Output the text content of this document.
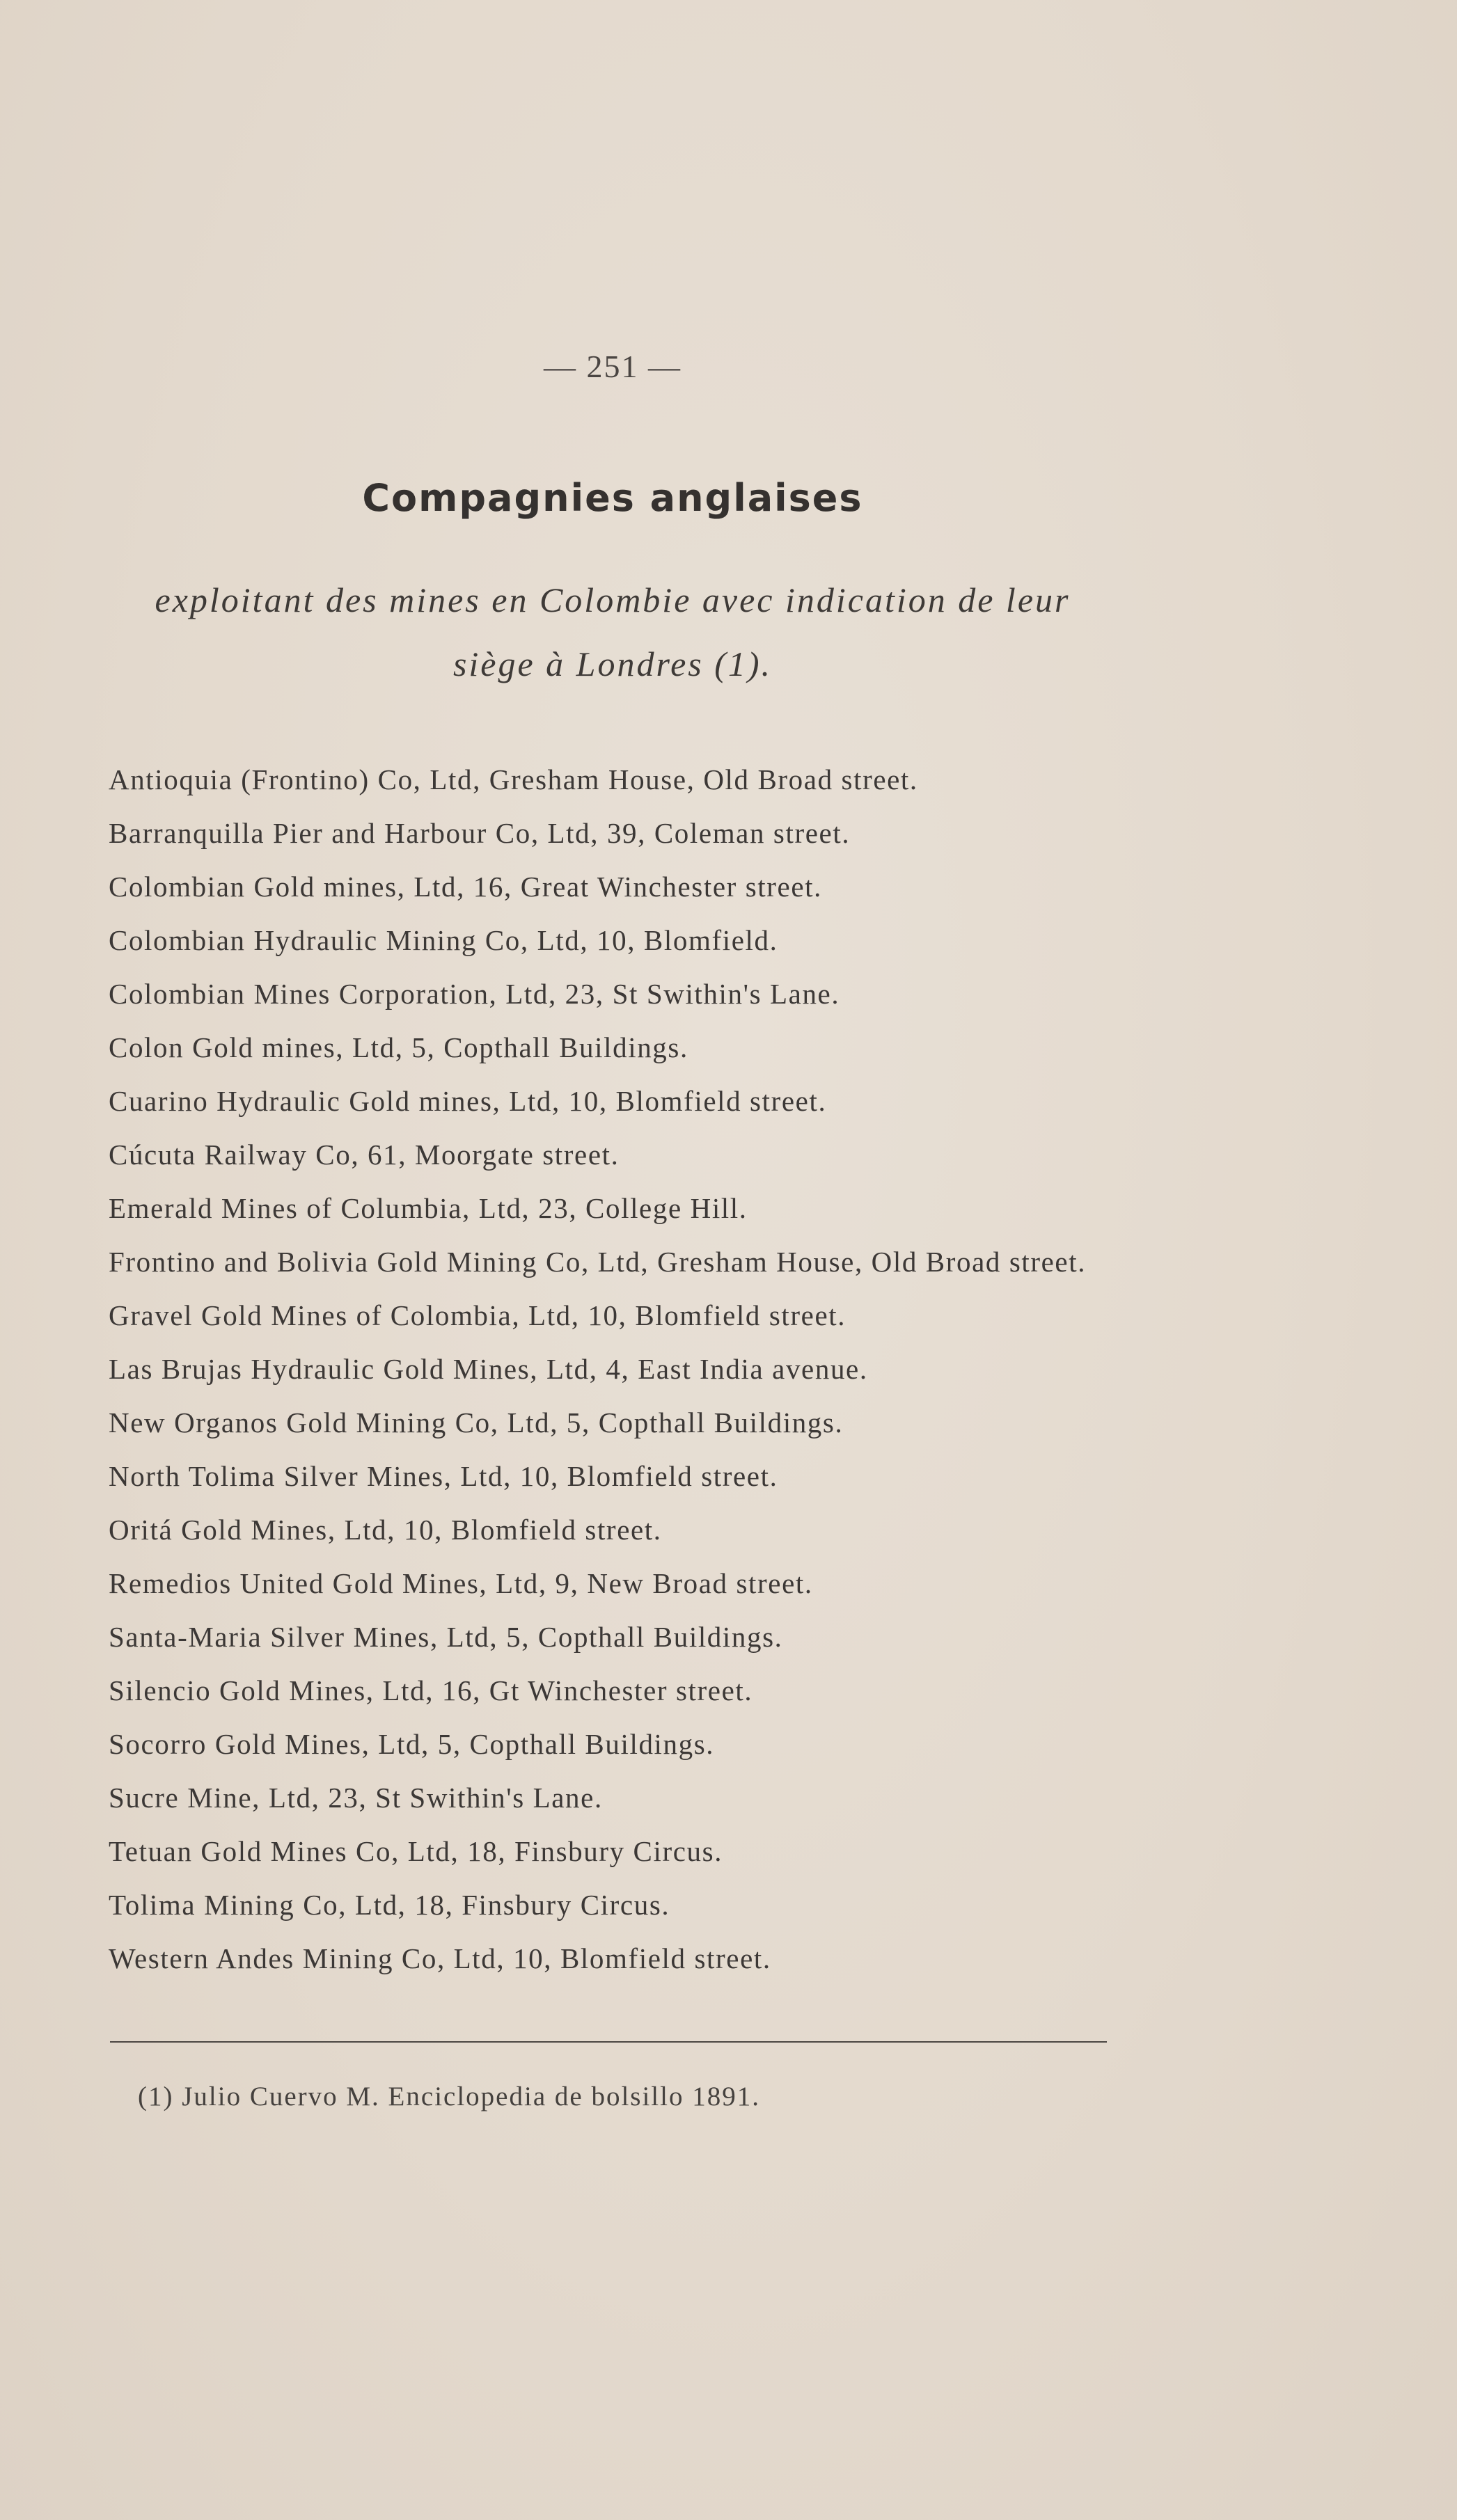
— 251 —
Compagnies anglaises
exploitant des mines en Colombie avec indication de leur
siège à Londres (1).
Antioquia (Frontino) Co, Ltd, Gresham House, Old Broad street.
Barranquilla Pier and Harbour Co, Ltd, 39, Coleman street.
Colombian Gold mines, Ltd, 16, Great Winchester street.
Colombian Hydraulic Mining Co, Ltd, 10, Blomfield.
Colombian Mines Corporation, Ltd, 23, St Swithin's Lane.
Colon Gold mines, Ltd, 5, Copthall Buildings.
Cuarino Hydraulic Gold mines, Ltd, 10, Blomfield street.
Cúcuta Railway Co, 61, Moorgate street.
Emerald Mines of Columbia, Ltd, 23, College Hill.
Frontino and Bolivia Gold Mining Co, Ltd, Gresham House, Old Broad street.
Gravel Gold Mines of Colombia, Ltd, 10, Blomfield street.
Las Brujas Hydraulic Gold Mines, Ltd, 4, East India avenue.
New Organos Gold Mining Co, Ltd, 5, Copthall Buildings.
North Tolima Silver Mines, Ltd, 10, Blomfield street.
Oritá Gold Mines, Ltd, 10, Blomfield street.
Remedios United Gold Mines, Ltd, 9, New Broad street.
Santa-Maria Silver Mines, Ltd, 5, Copthall Buildings.
Silencio Gold Mines, Ltd, 16, Gt Winchester street.
Socorro Gold Mines, Ltd, 5, Copthall Buildings.
Sucre Mine, Ltd, 23, St Swithin's Lane.
Tetuan Gold Mines Co, Ltd, 18, Finsbury Circus.
Tolima Mining Co, Ltd, 18, Finsbury Circus.
Western Andes Mining Co, Ltd, 10, Blomfield street.
(1) Julio Cuervo M. Enciclopedia de bolsillo 1891.
